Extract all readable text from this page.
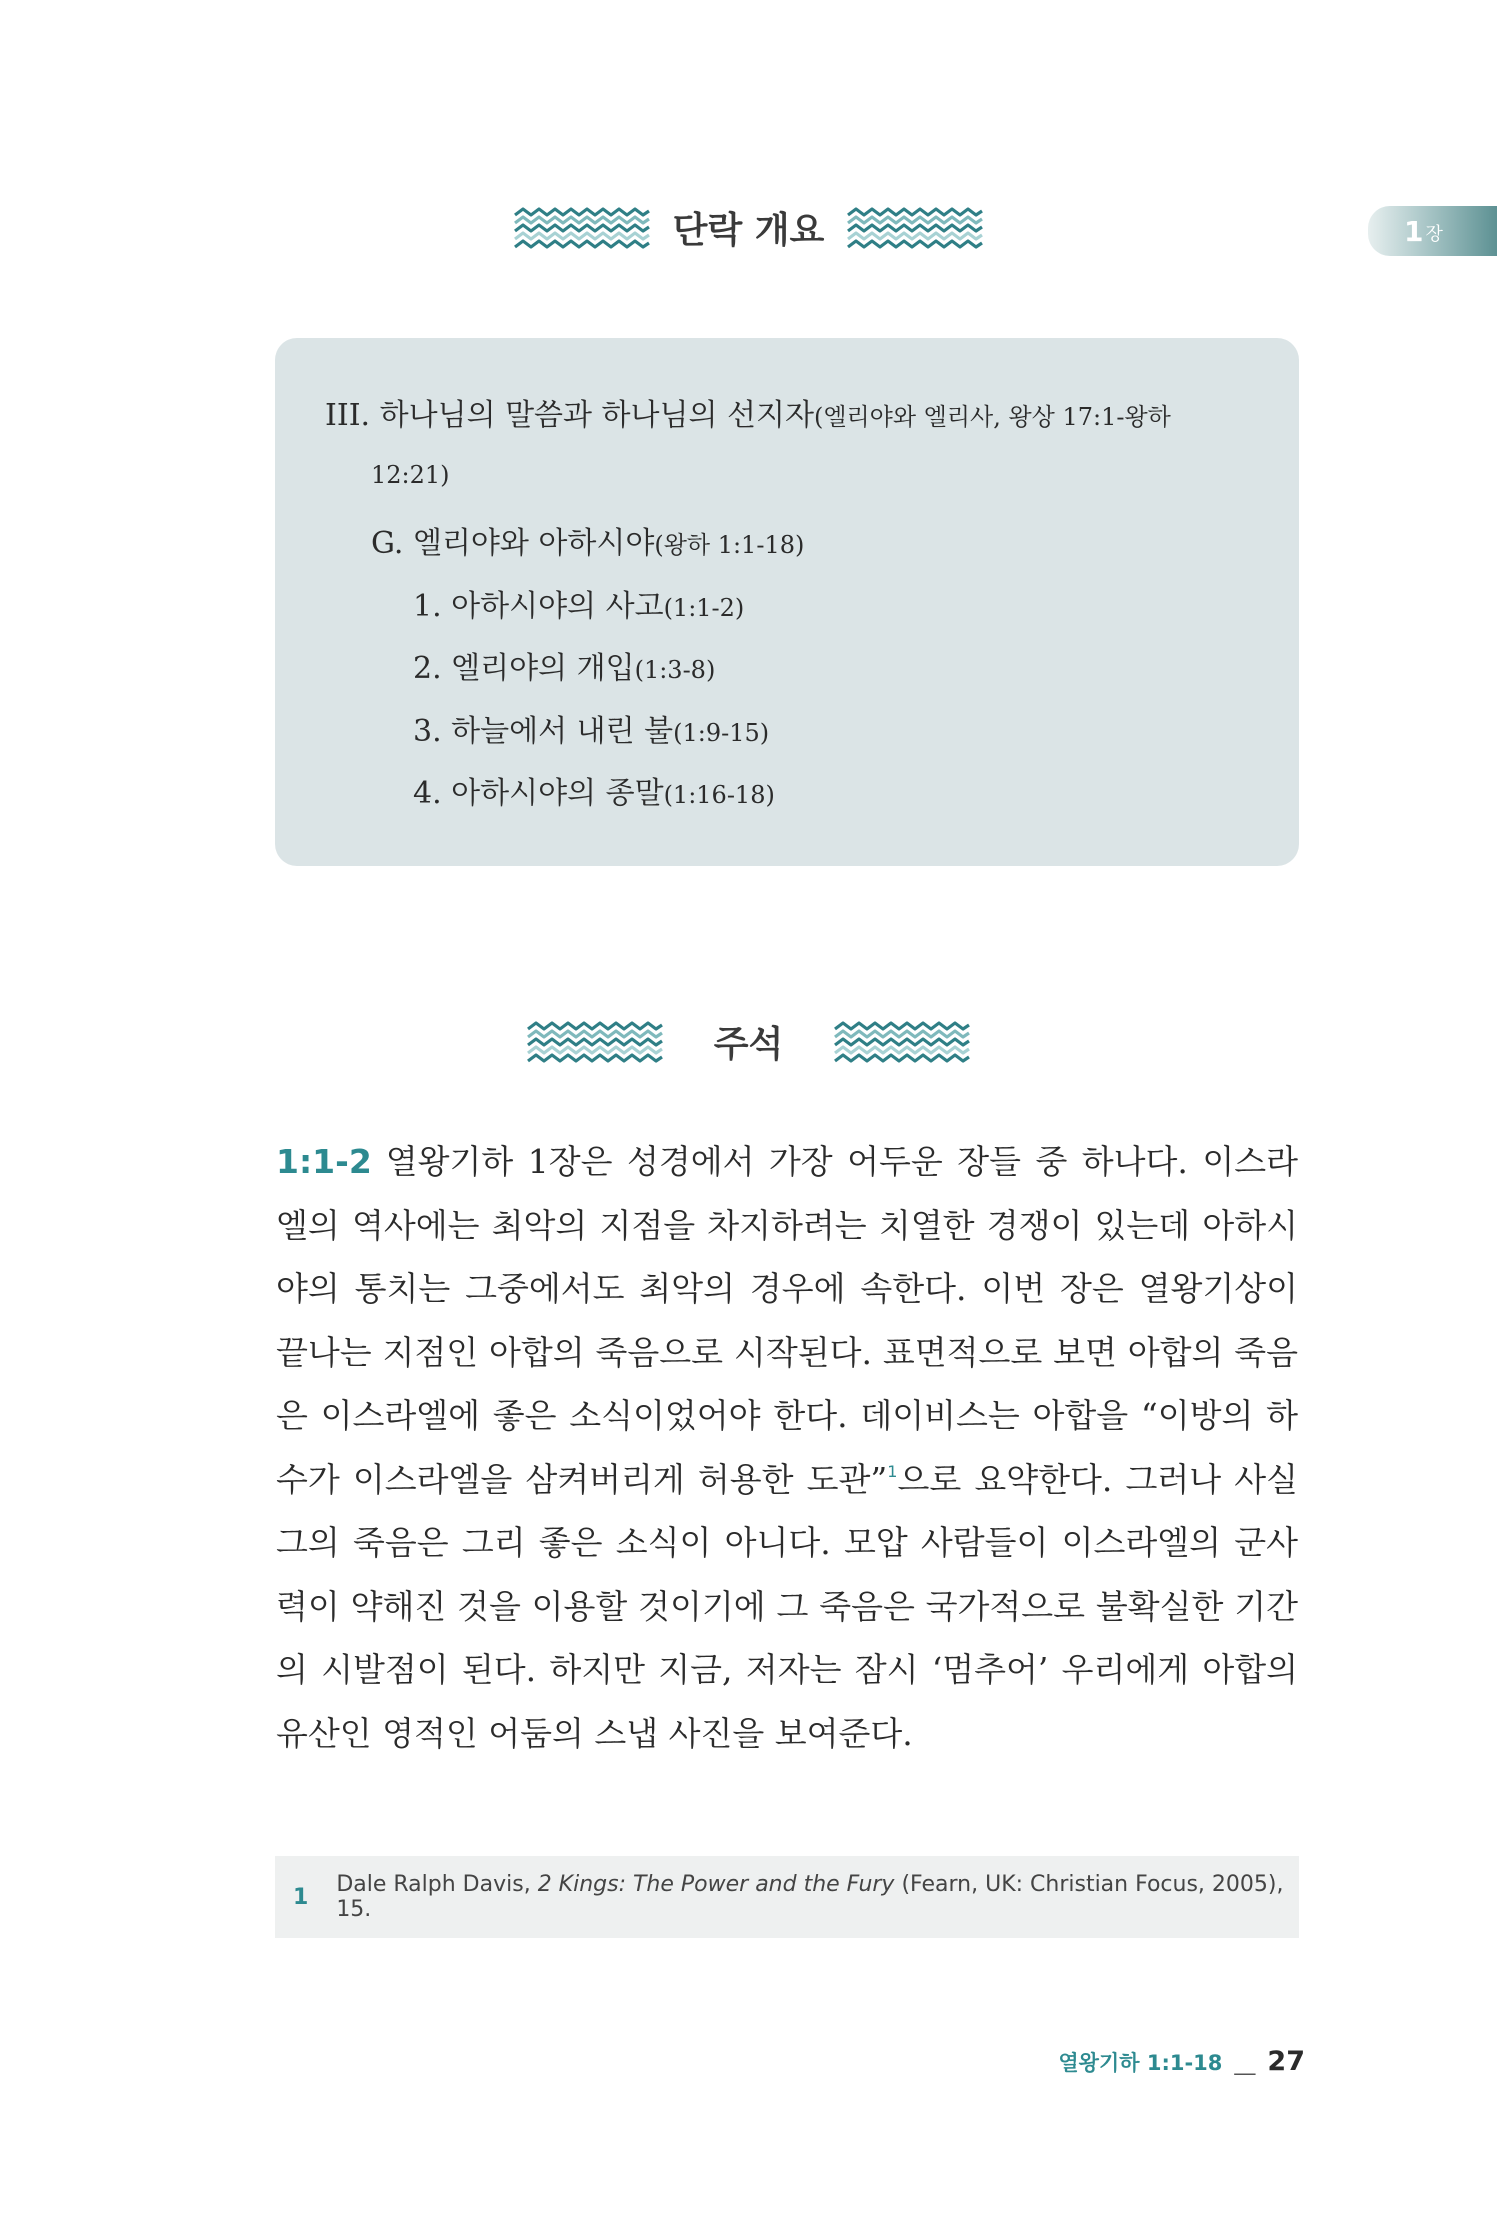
1 장
단락 개요
III. 하나님의 말씀과 하나님의 선지자(엘리야와 엘리사, 왕상 17:1-왕하
12:21)
G. 엘리야와 아하시야(왕하 1:1-18)
1. 아하시야의 사고(1:1-2)
2. 엘리야의 개입(1:3-8)
3. 하늘에서 내린 불(1:9-15)
4. 아하시야의 종말(1:16-18)
주석
1:1-2 열왕기하 1장은 성경에서 가장 어두운 장들 중 하나다. 이스라엘의 역사에는 최악의 지점을 차지하려는 치열한 경쟁이 있는데 아하시야의 통치는 그중에서도 최악의 경우에 속한다. 이번 장은 열왕기상이 끝나는 지점인 아합의 죽음으로 시작된다. 표면적으로 보면 아합의 죽음은 이스라엘에 좋은 소식이었어야 한다. 데이비스는 아합을 “이방의 하수가 이스라엘을 삼켜버리게 허용한 도관”$^1$으로 요약한다. 그러나 사실 그의 죽음은 그리 좋은 소식이 아니다. 모압 사람들이 이스라엘의 군사력이 약해진 것을 이용할 것이기에 그 죽음은 국가적으로 불확실한 기간의 시발점이 된다. 하지만 지금, 저자는 잠시 ‘멈추어’ 우리에게 아합의 유산인 영적인 어둠의 스냅 사진을 보여준다.
1 Dale Ralph Davis, 2 Kings: The Power and the Fury (Fearn, UK: Christian Focus, 2005), 15.
열왕기하 1:1-18 __ 27
